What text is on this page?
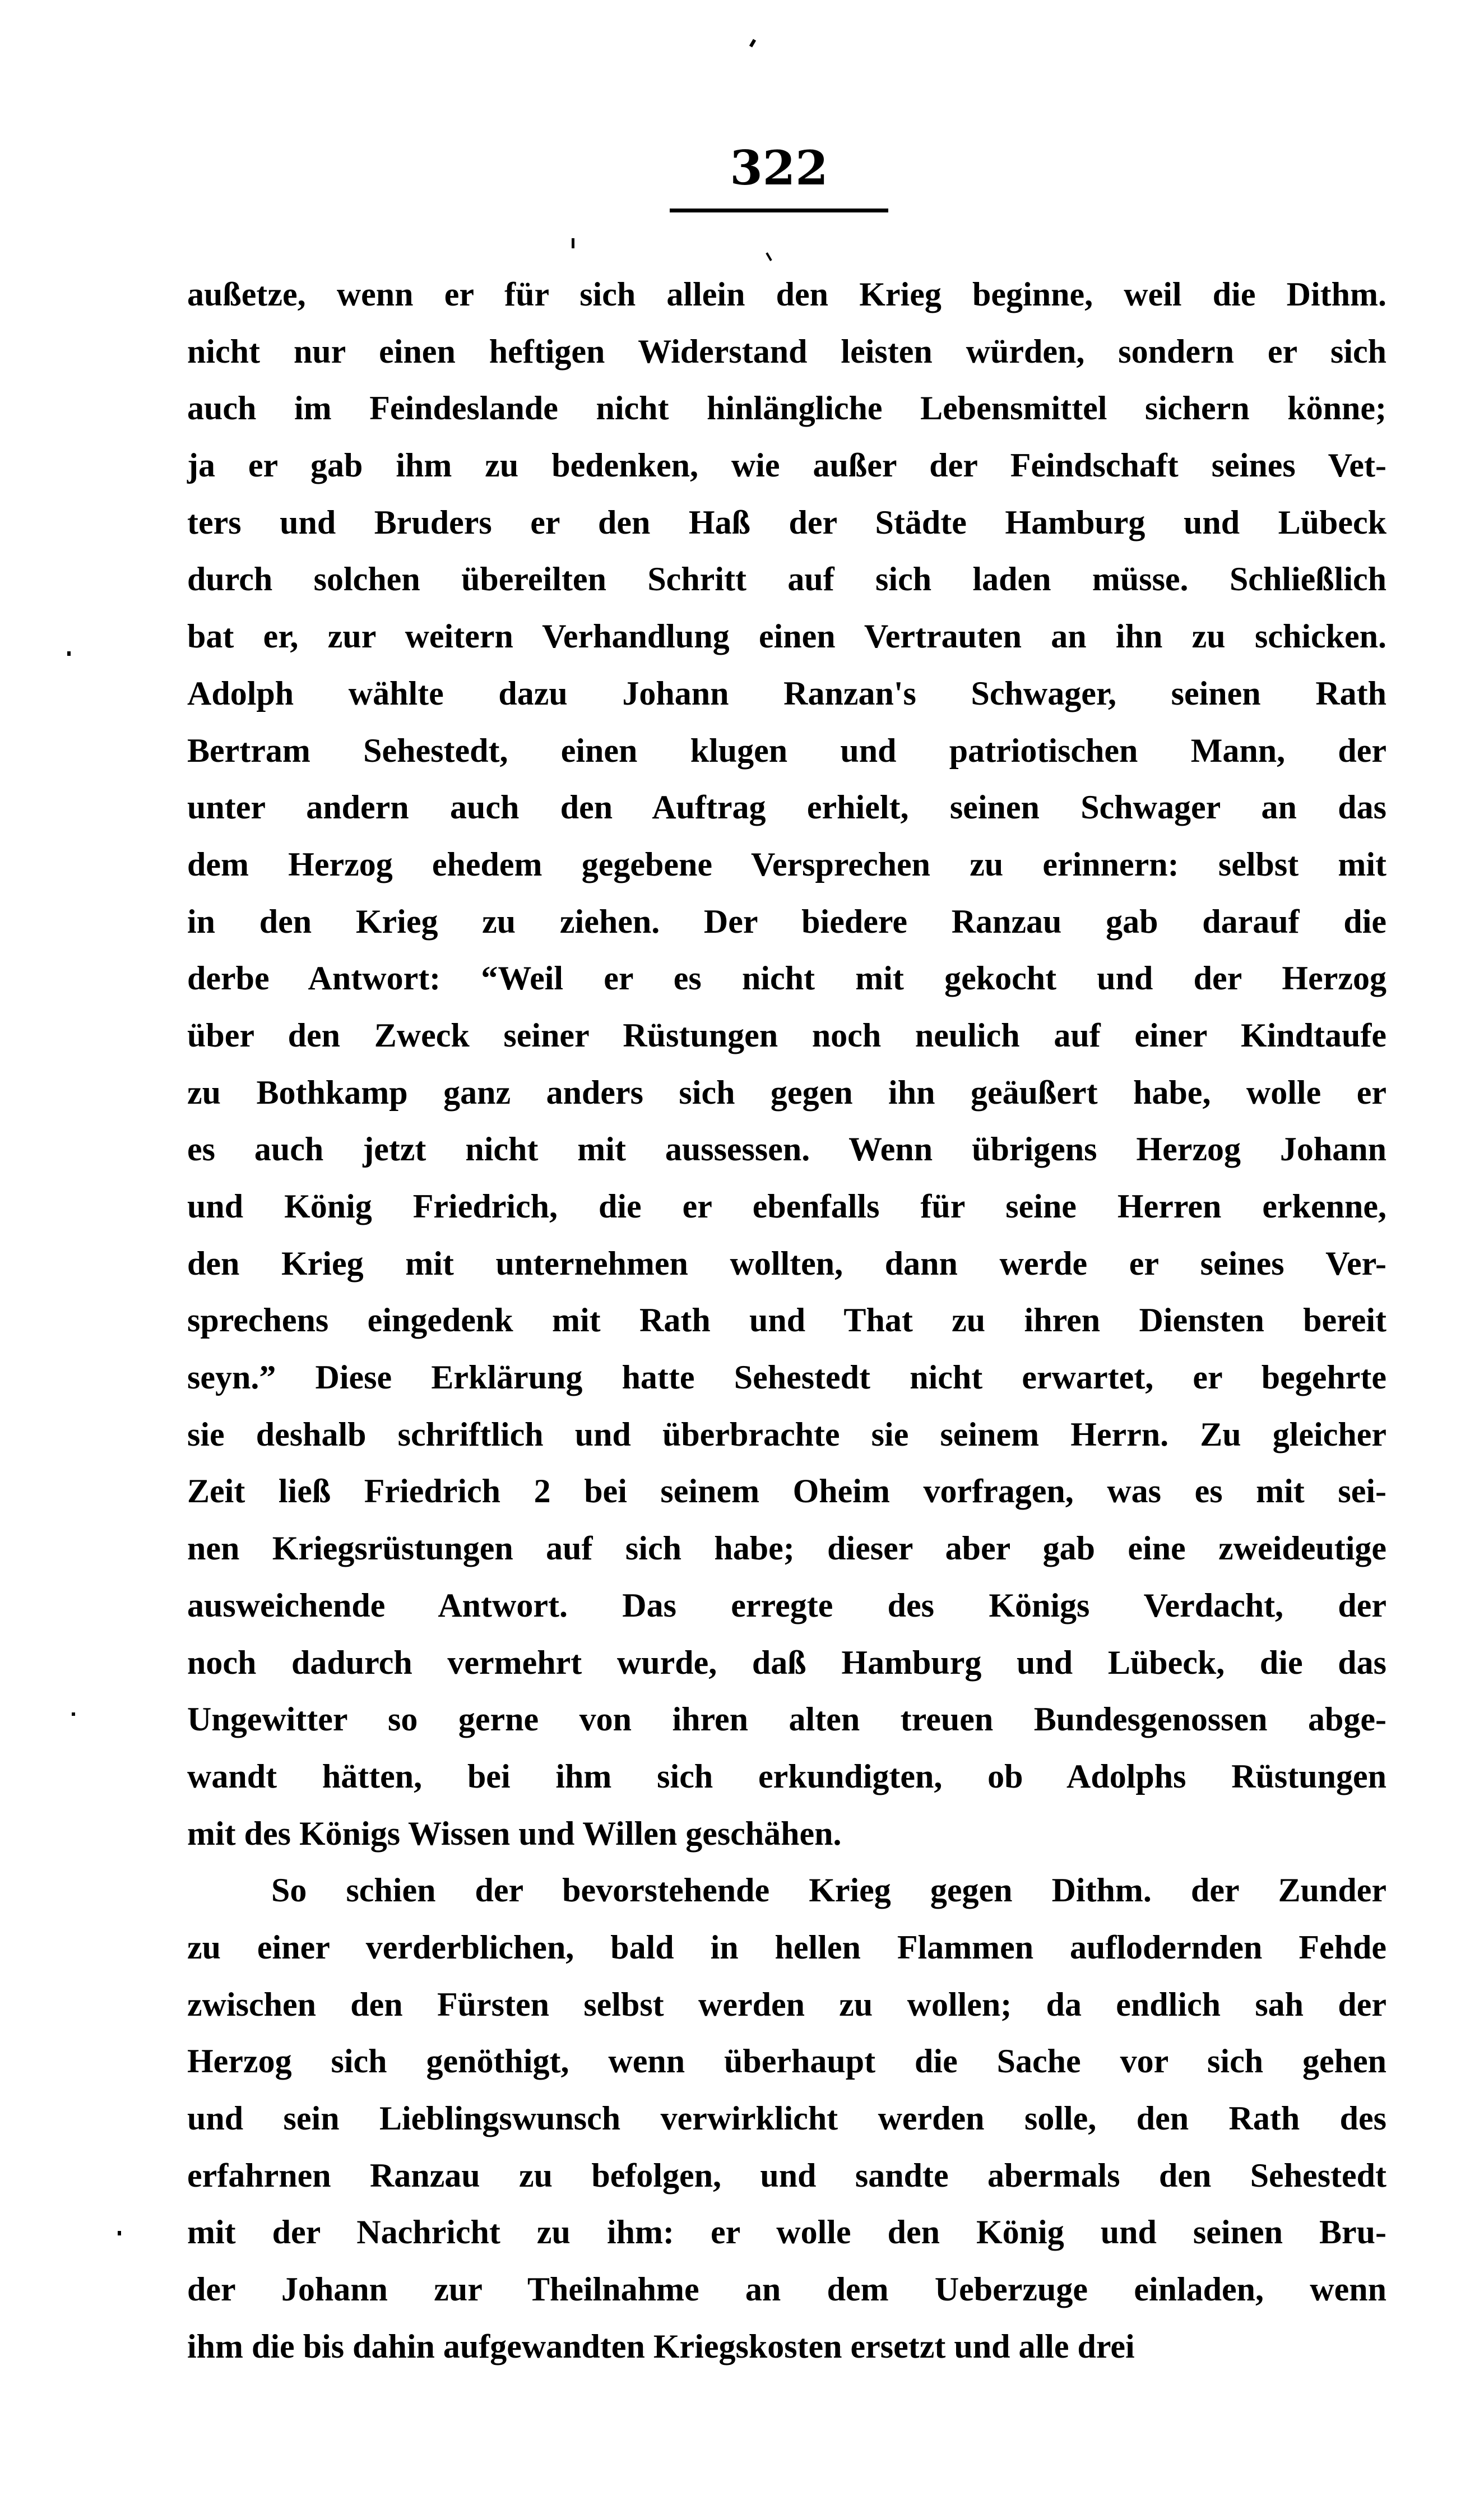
322
außetze, wenn er für sich allein den Krieg beginne, weil die Dithm.
nicht nur einen heftigen Widerstand leisten würden, sondern er sich
auch im Feindeslande nicht hinlängliche Lebensmittel sichern könne;
ja er gab ihm zu bedenken, wie außer der Feindschaft seines Vet-
ters und Bruders er den Haß der Städte Hamburg und Lübeck
durch solchen übereilten Schritt auf sich laden müsse. Schließlich
bat er, zur weitern Verhandlung einen Vertrauten an ihn zu schicken.
Adolph wählte dazu Johann Ranzan's Schwager, seinen Rath
Bertram Sehestedt, einen klugen und patriotischen Mann, der
unter andern auch den Auftrag erhielt, seinen Schwager an das
dem Herzog ehedem gegebene Versprechen zu erinnern: selbst mit
in den Krieg zu ziehen. Der biedere Ranzau gab darauf die
derbe Antwort: “Weil er es nicht mit gekocht und der Herzog
über den Zweck seiner Rüstungen noch neulich auf einer Kindtaufe
zu Bothkamp ganz anders sich gegen ihn geäußert habe, wolle er
es auch jetzt nicht mit aussessen. Wenn übrigens Herzog Johann
und König Friedrich, die er ebenfalls für seine Herren erkenne,
den Krieg mit unternehmen wollten, dann werde er seines Ver-
sprechens eingedenk mit Rath und That zu ihren Diensten bereit
seyn.” Diese Erklärung hatte Sehestedt nicht erwartet, er begehrte
sie deshalb schriftlich und überbrachte sie seinem Herrn. Zu gleicher
Zeit ließ Friedrich 2 bei seinem Oheim vorfragen, was es mit sei-
nen Kriegsrüstungen auf sich habe; dieser aber gab eine zweideutige
ausweichende Antwort. Das erregte des Königs Verdacht, der
noch dadurch vermehrt wurde, daß Hamburg und Lübeck, die das
Ungewitter so gerne von ihren alten treuen Bundesgenossen abge-
wandt hätten, bei ihm sich erkundigten, ob Adolphs Rüstungen
mit des Königs Wissen und Willen geschähen.
So schien der bevorstehende Krieg gegen Dithm. der Zunder
zu einer verderblichen, bald in hellen Flammen auflodernden Fehde
zwischen den Fürsten selbst werden zu wollen; da endlich sah der
Herzog sich genöthigt, wenn überhaupt die Sache vor sich gehen
und sein Lieblingswunsch verwirklicht werden solle, den Rath des
erfahrnen Ranzau zu befolgen, und sandte abermals den Sehestedt
mit der Nachricht zu ihm: er wolle den König und seinen Bru-
der Johann zur Theilnahme an dem Ueberzuge einladen, wenn
ihm die bis dahin aufgewandten Kriegskosten ersetzt und alle drei
